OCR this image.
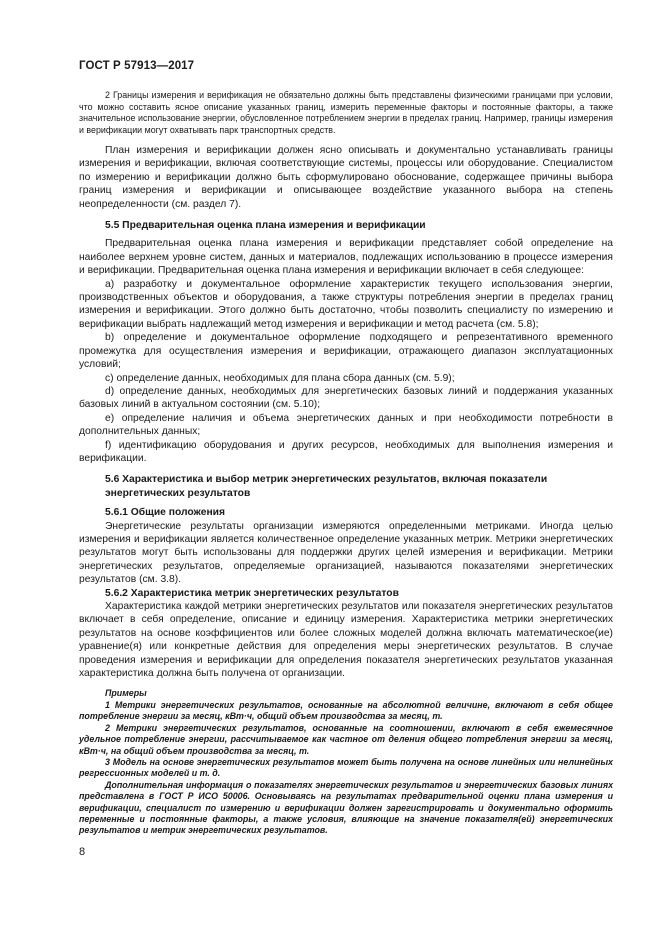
ГОСТ Р 57913—2017

2 Границы измерения и верификация не обязательно должны быть представлены физическими границами при условии, что можно составить ясное описание указанных границ, измерить переменные факторы и постоянные факторы, а также значительное использование энергии, обусловленное потреблением энергии в пределах границ. Например, границы измерения и верификации могут охватывать парк транспортных средств.

План измерения и верификации должен ясно описывать и документально устанавливать границы измерения и верификации, включая соответствующие системы, процессы или оборудование. Специалистом по измерению и верификации должно быть сформулировано обоснование, содержащее причины выбора границ измерения и верификации и описывающее воздействие указанного выбора на степень неопределенности (см. раздел 7).

5.5 Предварительная оценка плана измерения и верификации

Предварительная оценка плана измерения и верификации представляет собой определение на наиболее верхнем уровне систем, данных и материалов, подлежащих использованию в процессе измерения и верификации. Предварительная оценка плана измерения и верификации включает в себя следующее:

a) разработку и документальное оформление характеристик текущего использования энергии, производственных объектов и оборудования, а также структуры потребления энергии в пределах границ измерения и верификации. Этого должно быть достаточно, чтобы позволить специалисту по измерению и верификации выбрать надлежащий метод измерения и верификации и метод расчета (см. 5.8);

b) определение и документальное оформление подходящего и репрезентативного временного промежутка для осуществления измерения и верификации, отражающего диапазон эксплуатационных условий;

c) определение данных, необходимых для плана сбора данных (см. 5.9);

d) определение данных, необходимых для энергетических базовых линий и поддержания указанных базовых линий в актуальном состоянии (см. 5.10);

e) определение наличия и объема энергетических данных и при необходимости потребности в дополнительных данных;

f) идентификацию оборудования и других ресурсов, необходимых для выполнения измерения и верификации.

5.6 Характеристика и выбор метрик энергетических результатов, включая показатели энергетических результатов
5.6.1 Общие положения

Энергетические результаты организации измеряются определенными метриками. Иногда целью измерения и верификации является количественное определение указанных метрик. Метрики энергетических результатов могут быть использованы для поддержки других целей измерения и верификации. Метрики энергетических результатов, определяемые организацией, называются показателями энергетических результатов (см. 3.8).

5.6.2 Характеристика метрик энергетических результатов

Характеристика каждой метрики энергетических результатов или показателя энергетических результатов включает в себя определение, описание и единицу измерения. Характеристика метрики энергетических результатов на основе коэффициентов или более сложных моделей должна включать математическое(ие) уравнение(я) или конкретные действия для определения меры энергетических результатов. В случае проведения измерения и верификации для определения показателя энергетических результатов указанная характеристика должна быть получена от организации.

Примеры

1 Метрики энергетических результатов, основанные на абсолютной величине, включают в себя общее потребление энергии за месяц, кВт·ч, общий объем производства за месяц, т.

2 Метрики энергетических результатов, основанные на соотношении, включают в себя ежемесячное удельное потребление энергии, рассчитываемое как частное от деления общего потребления энергии за месяц, кВт·ч, на общий объем производства за месяц, т.

3 Модель на основе энергетических результатов может быть получена на основе линейных или нелинейных регрессионных моделей и т. д.

Дополнительная информация о показателях энергетических результатов и энергетических базовых линиях представлена в ГОСТ Р ИСО 50006. Основываясь на результатах предварительной оценки плана измерения и верификации, специалист по измерению и верификации должен зарегистрировать и документально оформить переменные и постоянные факторы, а также условия, влияющие на значение показателя(ей) энергетических результатов и метрик энергетических результатов.

8
